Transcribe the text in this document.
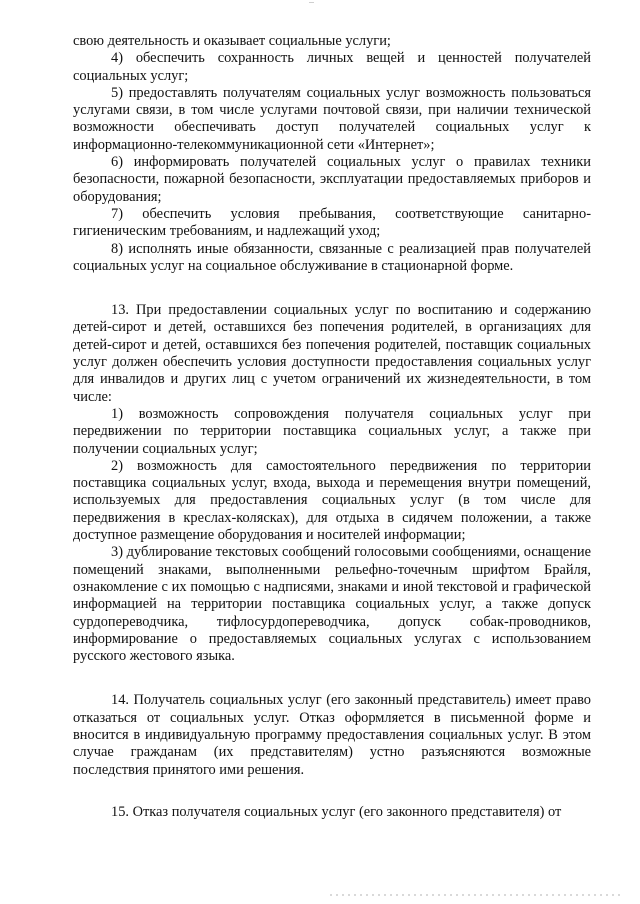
свою деятельность и оказывает социальные услуги;

4) обеспечить сохранность личных вещей и ценностей получателей социальных услуг;

5) предоставлять получателям социальных услуг возможность пользоваться услугами связи, в том числе услугами почтовой связи, при наличии технической возможности обеспечивать доступ получателей социальных услуг к информационно-телекоммуникационной сети «Интернет»;

6) информировать получателей социальных услуг о правилах техники безопасности, пожарной безопасности, эксплуатации предоставляемых приборов и оборудования;

7) обеспечить условия пребывания, соответствующие санитарно-гигиеническим требованиям, и надлежащий уход;

8) исполнять иные обязанности, связанные с реализацией прав получателей социальных услуг на социальное обслуживание в стационарной форме.

13. При предоставлении социальных услуг по воспитанию и содержанию детей-сирот и детей, оставшихся без попечения родителей, в организациях для детей-сирот и детей, оставшихся без попечения родителей, поставщик социальных услуг должен обеспечить условия доступности предоставления социальных услуг для инвалидов и других лиц с учетом ограничений их жизнедеятельности, в том числе:

1) возможность сопровождения получателя социальных услуг при передвижении по территории поставщика социальных услуг, а также при получении социальных услуг;

2) возможность для самостоятельного передвижения по территории поставщика социальных услуг, входа, выхода и перемещения внутри помещений, используемых для предоставления социальных услуг (в том числе для передвижения в креслах-колясках), для отдыха в сидячем положении, а также доступное размещение оборудования и носителей информации;

3) дублирование текстовых сообщений голосовыми сообщениями, оснащение помещений знаками, выполненными рельефно-точечным шрифтом Брайля, ознакомление с их помощью с надписями, знаками и иной текстовой и графической информацией на территории поставщика социальных услуг, а также допуск сурдопереводчика, тифлосурдопереводчика, допуск собак-проводников, информирование о предоставляемых социальных услугах с использованием русского жестового языка.

14. Получатель социальных услуг (его законный представитель) имеет право отказаться от социальных услуг. Отказ оформляется в письменной форме и вносится в индивидуальную программу предоставления социальных услуг. В этом случае гражданам (их представителям) устно разъясняются возможные последствия принятого ими решения.

15. Отказ получателя социальных услуг (его законного представителя) от
